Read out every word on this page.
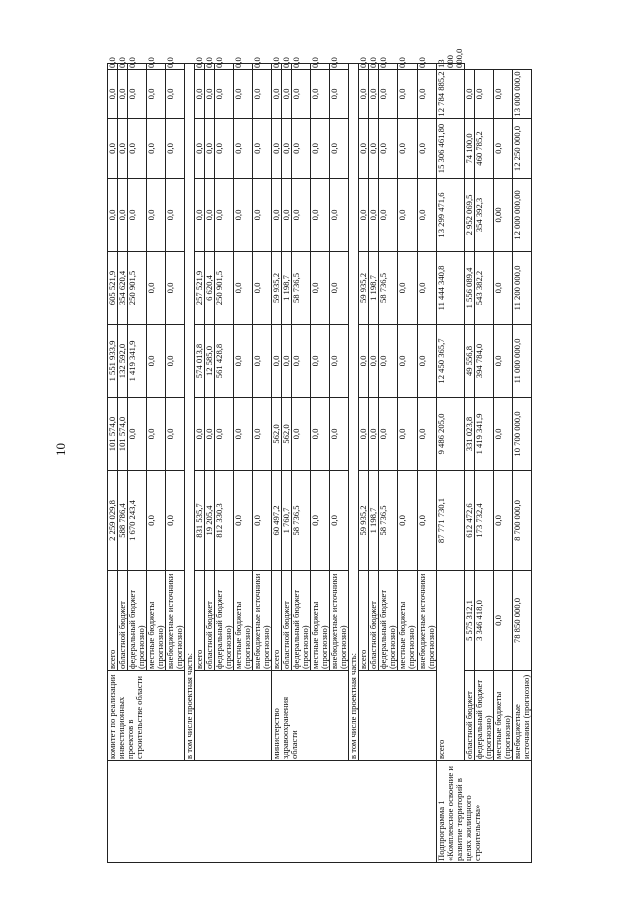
10
	комитет по реализации инвестиционных проектов в строительстве области	всего	2 259 029,8	101 574,0	1 551 933,9	605 521,9	0,0	0,0	0,0	0,0
		областной бюджет	588 786,4	101 574,0	132 592,0	354 620,4	0,0	0,0	0,0	0,0
		федеральный бюджет (прогнозно)	1 670 243,4	0,0	1 419 341,9	250 901,5	0,0	0,0	0,0	0,0
		местные бюджеты (прогнозно)	0,0	0,0	0,0	0,0	0,0	0,0	0,0	0,0
		внебюджетные источники (прогнозно)	0,0	0,0	0,0	0,0	0,0	0,0	0,0	0,0
	в том числе проектная часть:									
		всего	831 535,7	0,0	574 013,8	257 521,9	0,0	0,0	0,0	0,0
		областной бюджет	19 205,4	0,0	12 585,0	6 620,4	0,0	0,0	0,0	0,0
		федеральный бюджет (прогнозно)	812 330,3	0,0	561 428,8	250 901,5	0,0	0,0	0,0	0,0
		местные бюджеты (прогнозно)	0,0	0,0	0,0	0,0	0,0	0,0	0,0	0,0
		внебюджетные источники (прогнозно)	0,0	0,0	0,0	0,0	0,0	0,0	0,0	0,0
	министерство здравоохранения области	всего	60 497,2	562,0	0,0	59 935,2	0,0	0,0	0,0	0,0
		областной бюджет	1 760,7	562,0	0,0	1 198,7	0,0	0,0	0,0	0,0
		федеральный бюджет (прогнозно)	58 736,5	0,0	0,0	58 736,5	0,0	0,0	0,0	0,0
		местные бюджеты (прогнозно)	0,0	0,0	0,0	0,0	0,0	0,0	0,0	0,0
		внебюджетные источники (прогнозно)	0,0	0,0	0,0	0,0	0,0	0,0	0,0	0,0
	в том числе проектная часть:									
		всего	59 935,2	0,0	0,0	59 935,2	0,0	0,0	0,0	0,0
		областной бюджет	1 198,7	0,0	0,0	1 198,7	0,0	0,0	0,0	0,0
		федеральный бюджет (прогнозно)	58 736,5	0,0	0,0	58 736,5	0,0	0,0	0,0	0,0
		местные бюджеты (прогнозно)	0,0	0,0	0,0	0,0	0,0	0,0	0,0	0,0
		внебюджетные источники (прогнозно)	0,0	0,0	0,0	0,0	0,0	0,0	0,0	0,0
Подпрограмма 1 «Комплексное освоение и развитие территорий в целях жилищного строительства»	всего		87 771 730,1	9 486 205,0	12 450 365,7	11 444 340,8	13 299 471,6	15 306 461,80	12 784 885,2	13 000 000,0
	областной бюджет	5 575 312,1	612 472,6	331 023,8	49 556,8	1 556 089,4	2 952 069,5	74 100,0	0,0	
	федеральный бюджет (прогнозно)	3 346 418,0	173 732,4	1 419 341,9	394 784,0	543 382,2	354 392,3	460 785,2	0,0	
	местные бюджеты (прогнозно)	0,0	0,0	0,0	0,0	0,0	0,00	0,0	0,0	
	внебюджетные источники (прогнозно)	78 850 000,0	8 700 000,0	10 700 000,0	11 000 000,0	11 200 000,0	12 000 000,00	12 250 000,0	13 000 000,0	
